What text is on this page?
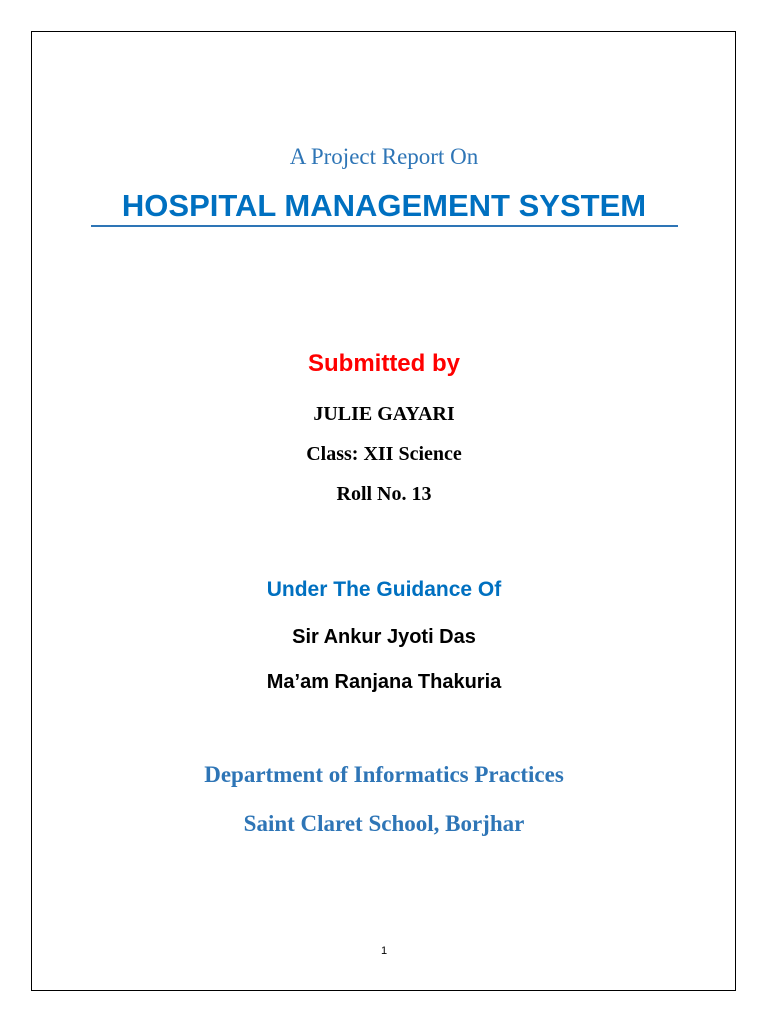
A Project Report On
HOSPITAL MANAGEMENT SYSTEM
Submitted by
JULIE GAYARI
Class: XII Science
Roll No. 13
Under The Guidance Of
Sir Ankur Jyoti Das
Ma’am Ranjana Thakuria
Department of Informatics Practices
Saint Claret School, Borjhar
1
